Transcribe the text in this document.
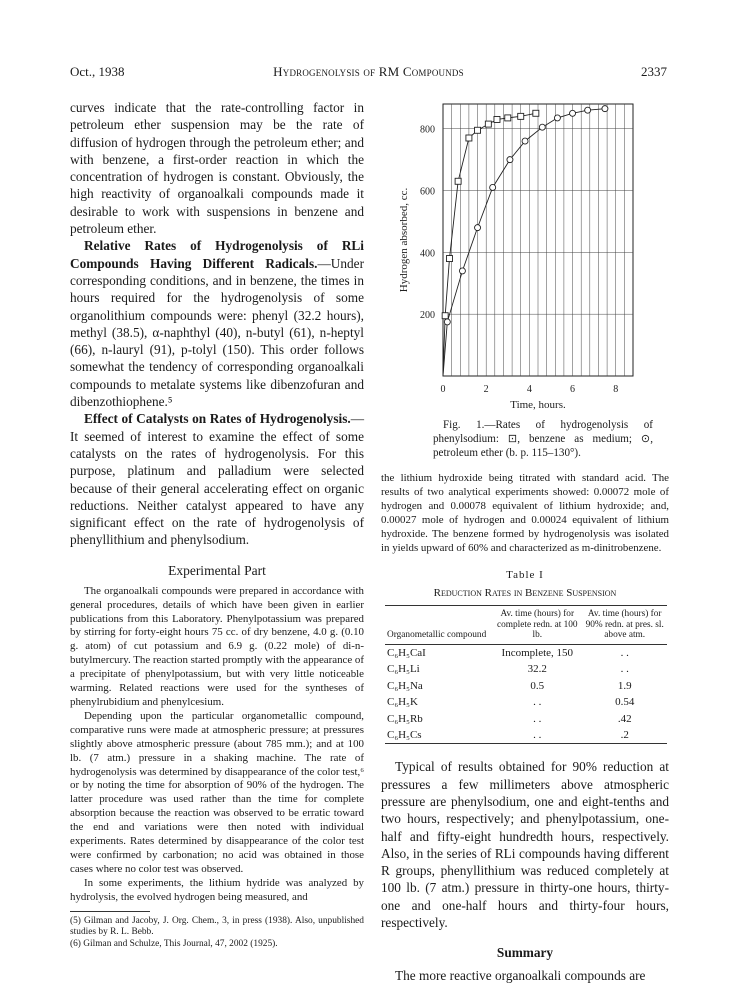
Oct., 1938	Hydrogenolysis of RM Compounds	2337

curves indicate that the rate-controlling factor in petroleum ether suspension may be the rate of diffusion of hydrogen through the petroleum ether; and with benzene, a first-order reaction in which the concentration of hydrogen is constant. Obviously, the high reactivity of organoalkali compounds made it desirable to work with suspensions in benzene and petroleum ether.

Relative Rates of Hydrogenolysis of RLi Compounds Having Different Radicals.—Under corresponding conditions, and in benzene, the times in hours required for the hydrogenolysis of some organolithium compounds were: phenyl (32.2 hours), methyl (38.5), α-naphthyl (40), n-butyl (61), n-heptyl (66), n-lauryl (91), p-tolyl (150). This order follows somewhat the tendency of corresponding organoalkali compounds to metalate systems like dibenzofuran and dibenzothiophene.⁵

Effect of Catalysts on Rates of Hydrogenolysis.—It seemed of interest to examine the effect of some catalysts on the rates of hydrogenolysis. For this purpose, platinum and palladium were selected because of their general accelerating effect on organic reductions. Neither catalyst appeared to have any significant effect on the rate of hydrogenolysis of phenyllithium and phenylsodium.

Experimental Part

The organoalkali compounds were prepared in accordance with general procedures, details of which have been given in earlier publications from this Laboratory. Phenylpotassium was prepared by stirring for forty-eight hours 75 cc. of dry benzene, 4.0 g. (0.10 g. atom) of cut potassium and 6.9 g. (0.22 mole) of di-n-butylmercury. The reaction started promptly with the appearance of a precipitate of phenylpotassium, but with very little noticeable warming. Related reactions were used for the syntheses of phenylrubidium and phenylcesium.

Depending upon the particular organometallic compound, comparative runs were made at atmospheric pressure; at pressures slightly above atmospheric pressure (about 785 mm.); and at 100 lb. (7 atm.) pressure in a shaking machine. The rate of hydrogenolysis was determined by disappearance of the color test,⁶ or by noting the time for absorption of 90% of the hydrogen. The latter procedure was used rather than the time for complete absorption because the reaction was observed to be erratic toward the end and variations were then noted with individual experiments. Rates determined by disappearance of the color test were confirmed by carbonation; no acid was obtained in those cases where no color test was observed.

In some experiments, the lithium hydride was analyzed by hydrolysis, the evolved hydrogen being measured, and

(5) Gilman and Jacoby, J. Org. Chem., 3, in press (1938). Also, unpublished studies by R. L. Bebb.

(6) Gilman and Schulze, This Journal, 47, 2002 (1925).

200
400
600
800
0	2	4	6	8
Time, hours.
Hydrogen absorbed, cc.

Fig. 1.—Rates of hydrogenolysis of phenylsodium: ⊡, benzene as medium; ⊙, petroleum ether (b. p. 115–130°).

the lithium hydroxide being titrated with standard acid. The results of two analytical experiments showed: 0.00072 mole of hydrogen and 0.00078 equivalent of lithium hydroxide; and, 0.00027 mole of hydrogen and 0.00024 equivalent of lithium hydroxide. The benzene formed by hydrogenolysis was isolated in yields upward of 60% and characterized as m-dinitrobenzene.

Table I
Reduction Rates in Benzene Suspension
Organometallic compound	Av. time (hours) for complete redn. at 100 lb.	Av. time (hours) for 90% redn. at pres. sl. above atm.
C₆H₅CaI	Incomplete, 150	. .
C₆H₅Li	32.2	. .
C₆H₅Na	0.5	1.9
C₆H₅K	. .	0.54
C₆H₅Rb	. .	.42
C₆H₅Cs	. .	.2

Typical of results obtained for 90% reduction at pressures a few millimeters above atmospheric pressure are phenylsodium, one and eight-tenths and two hours, respectively; and phenylpotassium, one-half and fifty-eight hundredth hours, respectively. Also, in the series of RLi compounds having different R groups, phenyllithium was reduced completely at 100 lb. (7 atm.) pressure in thirty-one hours, thirty-one and one-half hours and thirty-four hours, respectively.

Summary

The more reactive organoalkali compounds are
